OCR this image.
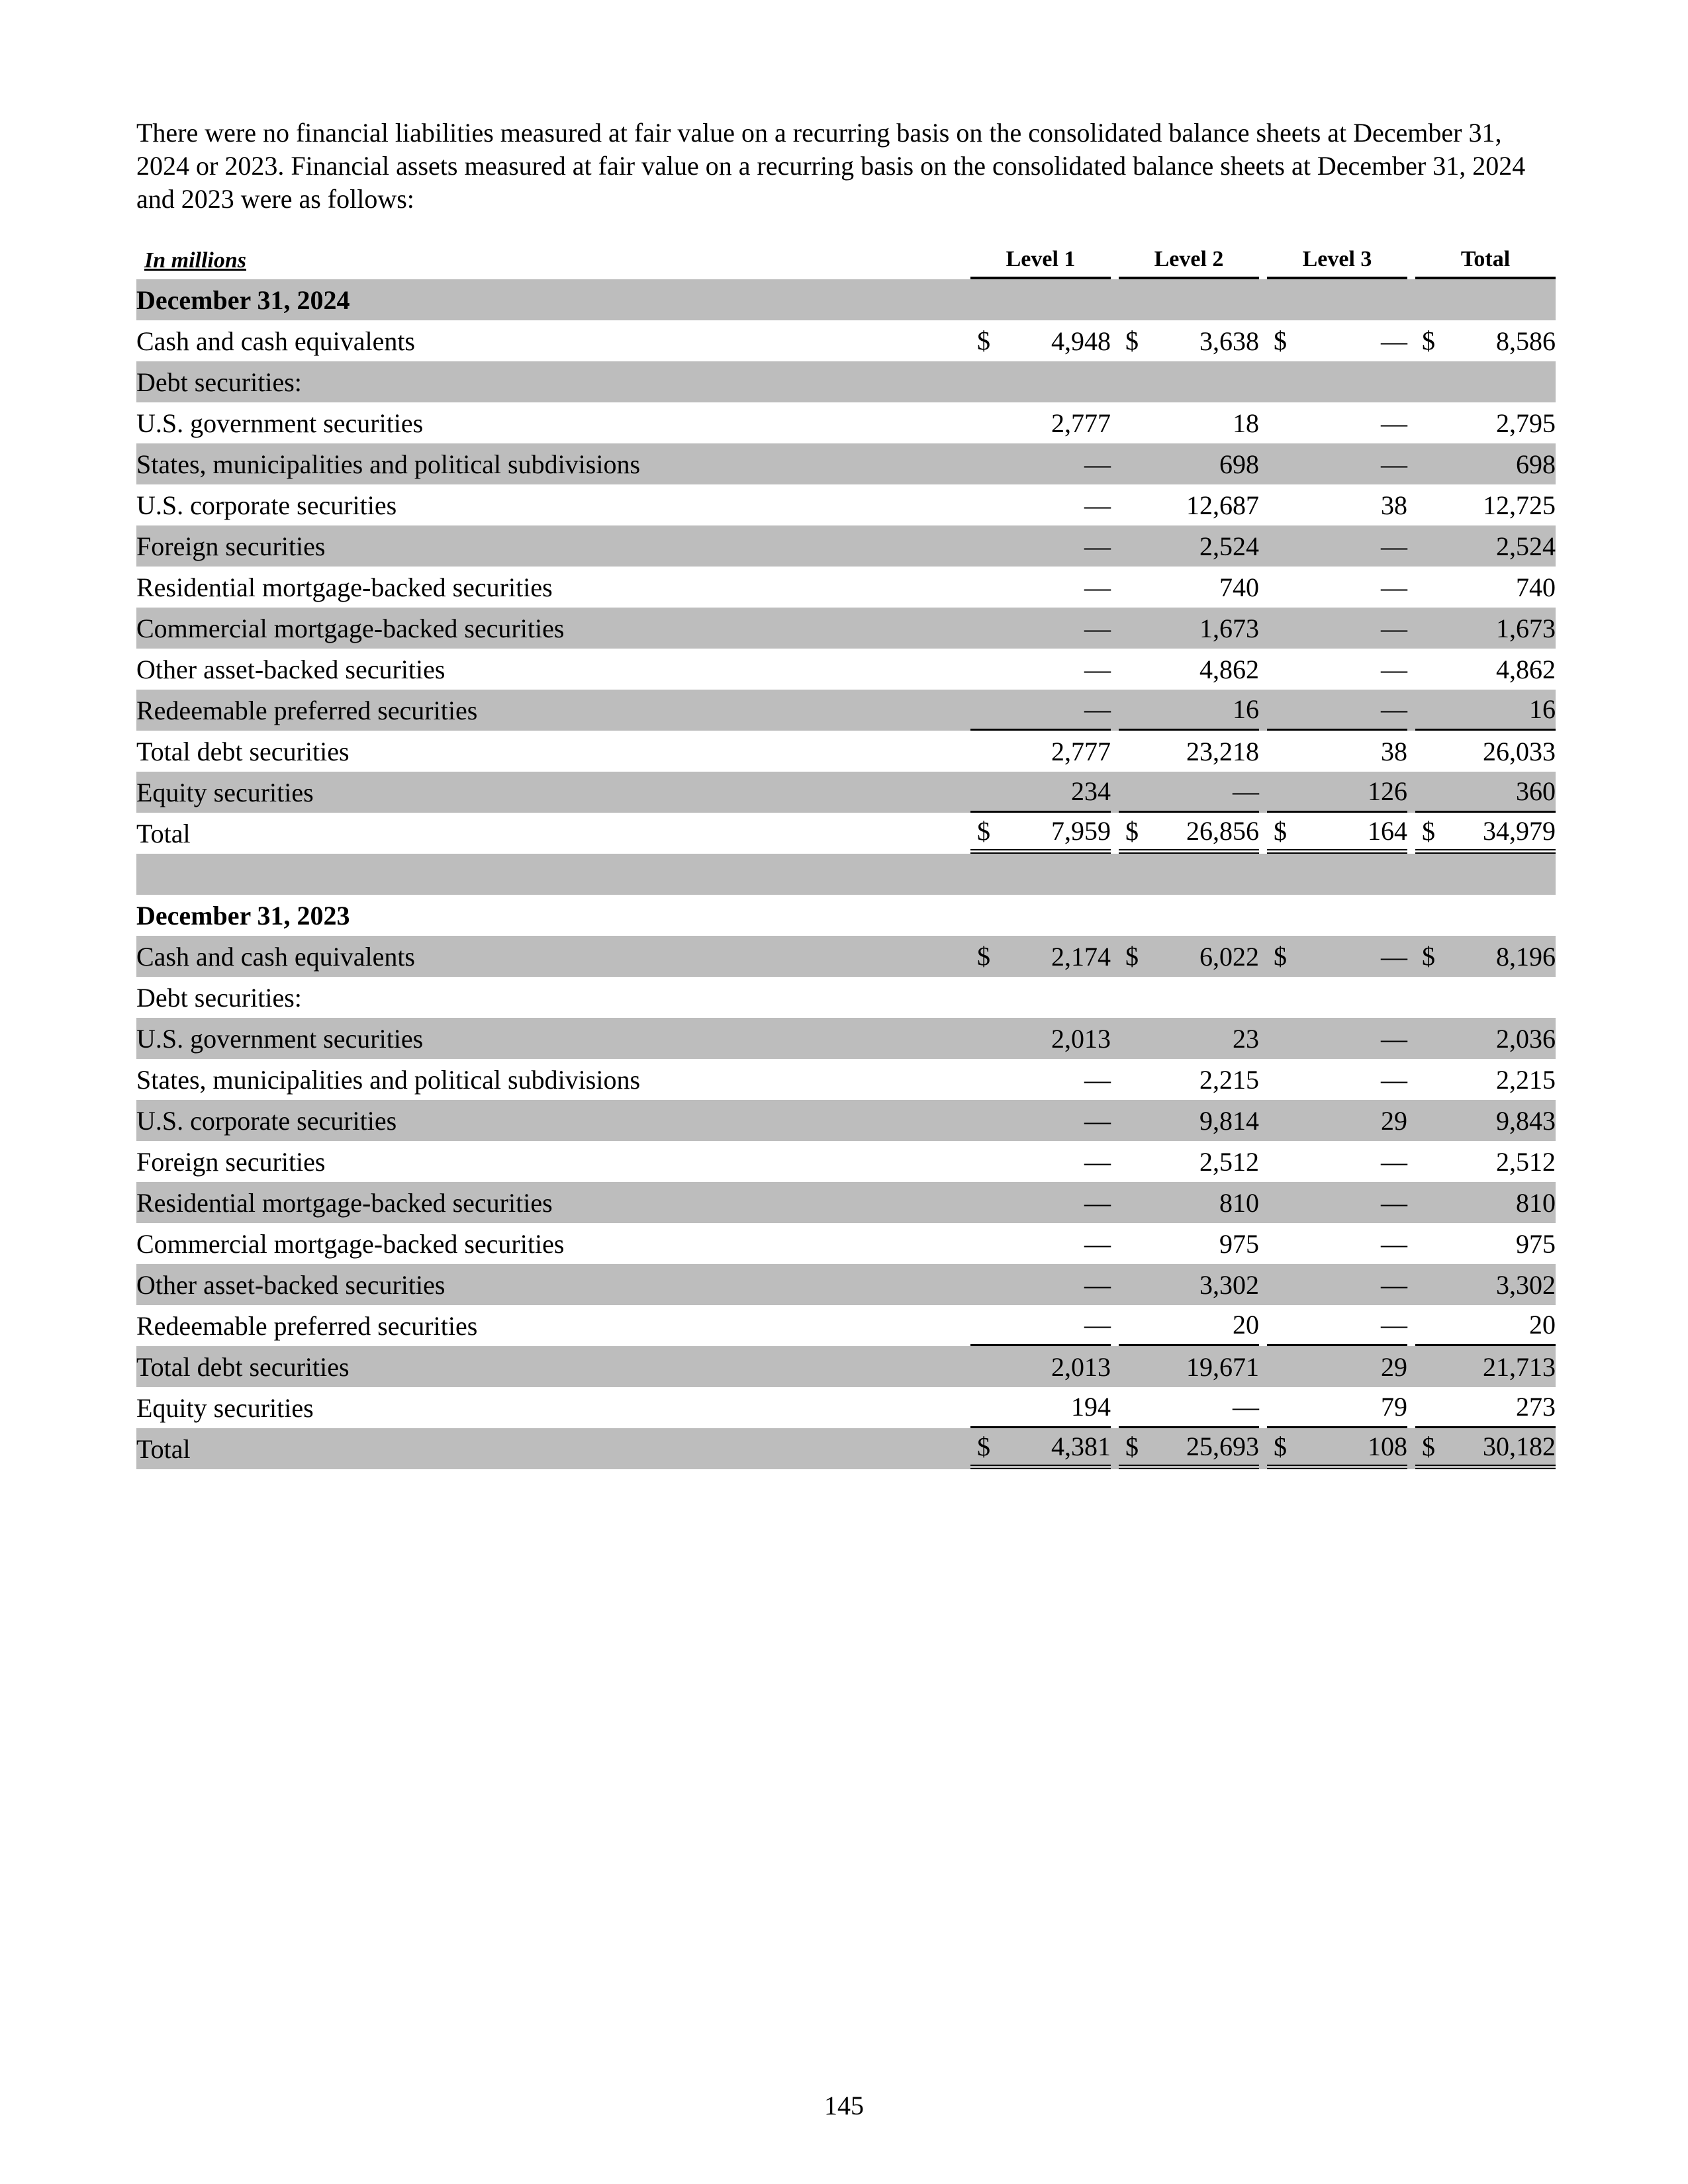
There were no financial liabilities measured at fair value on a recurring basis on the consolidated balance sheets at December 31, 2024 or 2023. Financial assets measured at fair value on a recurring basis on the consolidated balance sheets at December 31, 2024 and 2023 were as follows:

In millions	Level 1		Level 2		Level 3		Total
December 31, 2024							
Cash and cash equivalents	$ 4,948		$ 3,638		$ —		$ 8,586
Debt securities:							
U.S. government securities	2,777		18		—		2,795
States, municipalities and political subdivisions	—		698		—		698
U.S. corporate securities	—		12,687		38		12,725
Foreign securities	—		2,524		—		2,524
Residential mortgage-backed securities	—		740		—		740
Commercial mortgage-backed securities	—		1,673		—		1,673
Other asset-backed securities	—		4,862		—		4,862
Redeemable preferred securities	—		16		—		16
Total debt securities	2,777		23,218		38		26,033
Equity securities	234		—		126		360
Total	$ 7,959		$ 26,856		$ 164		$ 34,979

December 31, 2023							
Cash and cash equivalents	$ 2,174		$ 6,022		$ —		$ 8,196
Debt securities:							
U.S. government securities	2,013		23		—		2,036
States, municipalities and political subdivisions	—		2,215		—		2,215
U.S. corporate securities	—		9,814		29		9,843
Foreign securities	—		2,512		—		2,512
Residential mortgage-backed securities	—		810		—		810
Commercial mortgage-backed securities	—		975		—		975
Other asset-backed securities	—		3,302		—		3,302
Redeemable preferred securities	—		20		—		20
Total debt securities	2,013		19,671		29		21,713
Equity securities	194		—		79		273
Total	$ 4,381		$ 25,693		$ 108		$ 30,182
145
